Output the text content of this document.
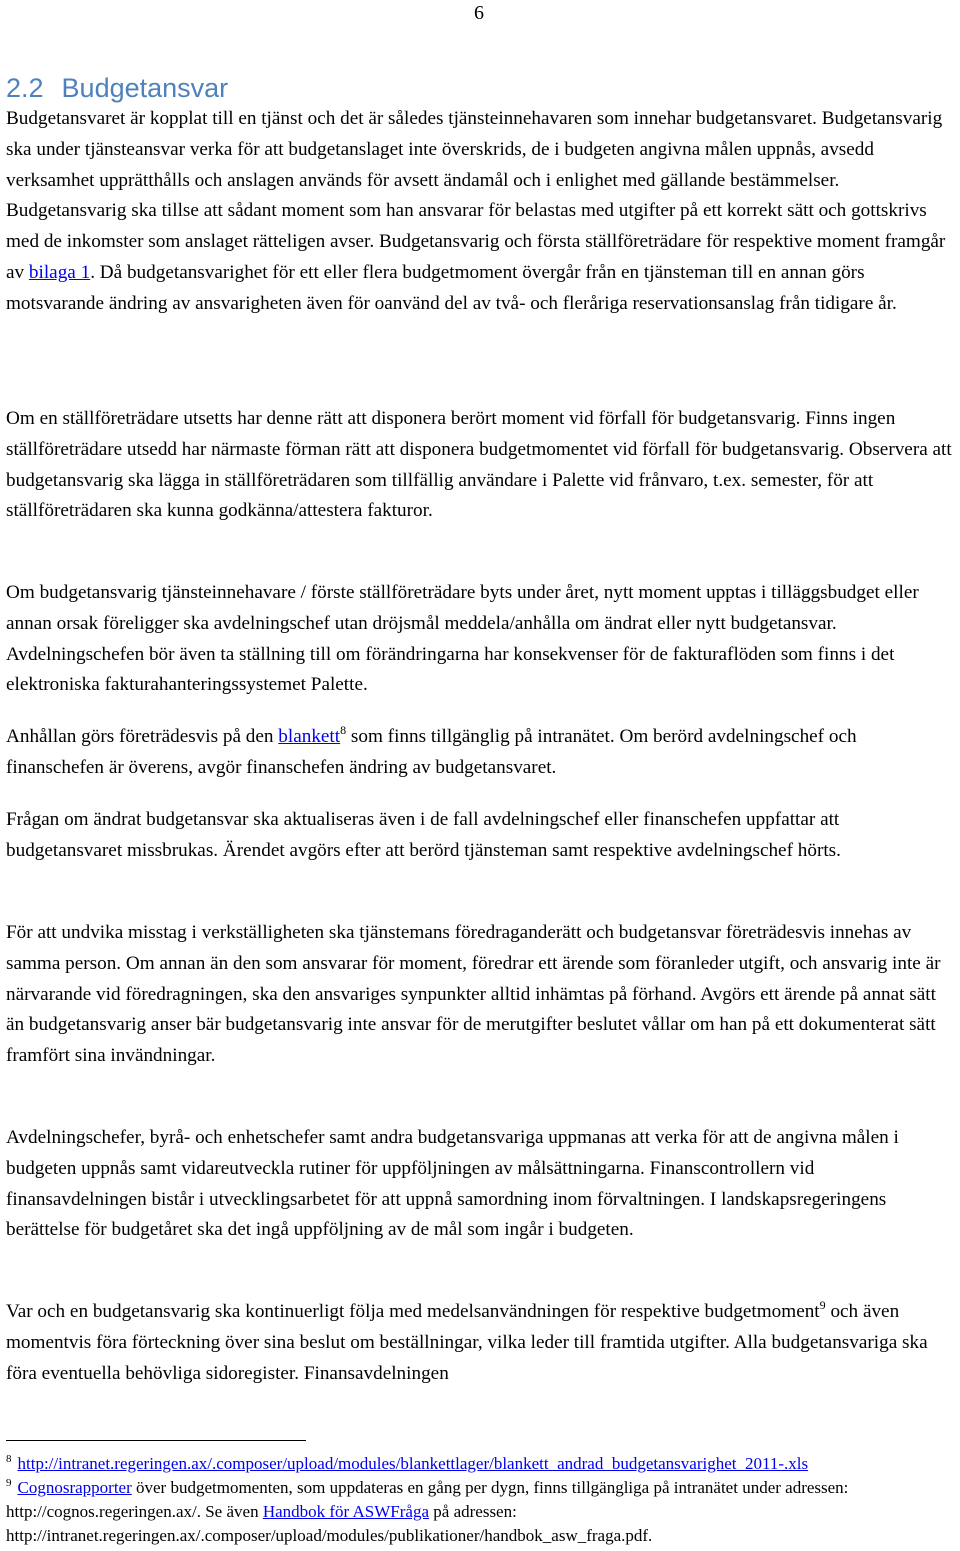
6
2.2 Budgetansvar

Budgetansvaret är kopplat till en tjänst och det är således tjänsteinnehavaren som innehar budgetansvaret. Budgetansvarig ska under tjänsteansvar verka för att budgetanslaget inte överskrids, de i budgeten angivna målen uppnås, avsedd verksamhet upprätthålls och anslagen används för avsett ändamål och i enlighet med gällande bestämmelser. Budgetansvarig ska tillse att sådant moment som han ansvarar för belastas med utgifter på ett korrekt sätt och gottskrivs med de inkomster som anslaget rätteligen avser. Budgetansvarig och första ställföreträdare för respektive moment framgår av bilaga 1. Då budgetansvarighet för ett eller flera budgetmoment övergår från en tjänsteman till en annan görs motsvarande ändring av ansvarigheten även för oanvänd del av två- och fleråriga reservationsanslag från tidigare år.

Om en ställföreträdare utsetts har denne rätt att disponera berört moment vid förfall för budgetansvarig. Finns ingen ställföreträdare utsedd har närmaste förman rätt att disponera budgetmomentet vid förfall för budgetansvarig. Observera att budgetansvarig ska lägga in ställföreträdaren som tillfällig användare i Palette vid frånvaro, t.ex. semester, för att ställföreträdaren ska kunna godkänna/attestera fakturor.

Om budgetansvarig tjänsteinnehavare / förste ställföreträdare byts under året, nytt moment upptas i tilläggsbudget eller annan orsak föreligger ska avdelningschef utan dröjsmål meddela/anhålla om ändrat eller nytt budgetansvar. Avdelningschefen bör även ta ställning till om förändringarna har konsekvenser för de fakturaflöden som finns i det elektroniska fakturahanteringssystemet Palette.

Anhållan görs företrädesvis på den blankett$^8$ som finns tillgänglig på intranätet. Om berörd avdelningschef och finanschefen är överens, avgör finanschefen ändring av budgetansvaret.

Frågan om ändrat budgetansvar ska aktualiseras även i de fall avdelningschef eller finanschefen uppfattar att budgetansvaret missbrukas. Ärendet avgörs efter att berörd tjänsteman samt respektive avdelningschef hörts.

För att undvika misstag i verkställigheten ska tjänstemans föredraganderätt och budgetansvar företrädesvis innehas av samma person. Om annan än den som ansvarar för moment, föredrar ett ärende som föranleder utgift, och ansvarig inte är närvarande vid föredragningen, ska den ansvariges synpunkter alltid inhämtas på förhand. Avgörs ett ärende på annat sätt än budgetansvarig anser bär budgetansvarig inte ansvar för de merutgifter beslutet vållar om han på ett dokumenterat sätt framfört sina invändningar.

Avdelningschefer, byrå- och enhetschefer samt andra budgetansvariga uppmanas att verka för att de angivna målen i budgeten uppnås samt vidareutveckla rutiner för uppföljningen av målsättningarna. Finanscontrollern vid finansavdelningen bistår i utvecklingsarbetet för att uppnå samordning inom förvaltningen. I landskapsregeringens berättelse för budgetåret ska det ingå uppföljning av de mål som ingår i budgeten.

Var och en budgetansvarig ska kontinuerligt följa med medelsanvändningen för respektive budgetmoment$^9$ och även momentvis föra förteckning över sina beslut om beställningar, vilka leder till framtida utgifter. Alla budgetansvariga ska föra eventuella behövliga sidoregister. Finansavdelningen

$^8$ http://intranet.regeringen.ax/.composer/upload/modules/blankettlager/blankett_andrad_budgetansvarighet_2011-.xls

$^9$ Cognosrapporter över budgetmomenten, som uppdateras en gång per dygn, finns tillgängliga på intranätet under adressen: http://cognos.regeringen.ax/. Se även Handbok för ASWFråga på adressen: http://intranet.regeringen.ax/.composer/upload/modules/publikationer/handbok_asw_fraga.pdf.
